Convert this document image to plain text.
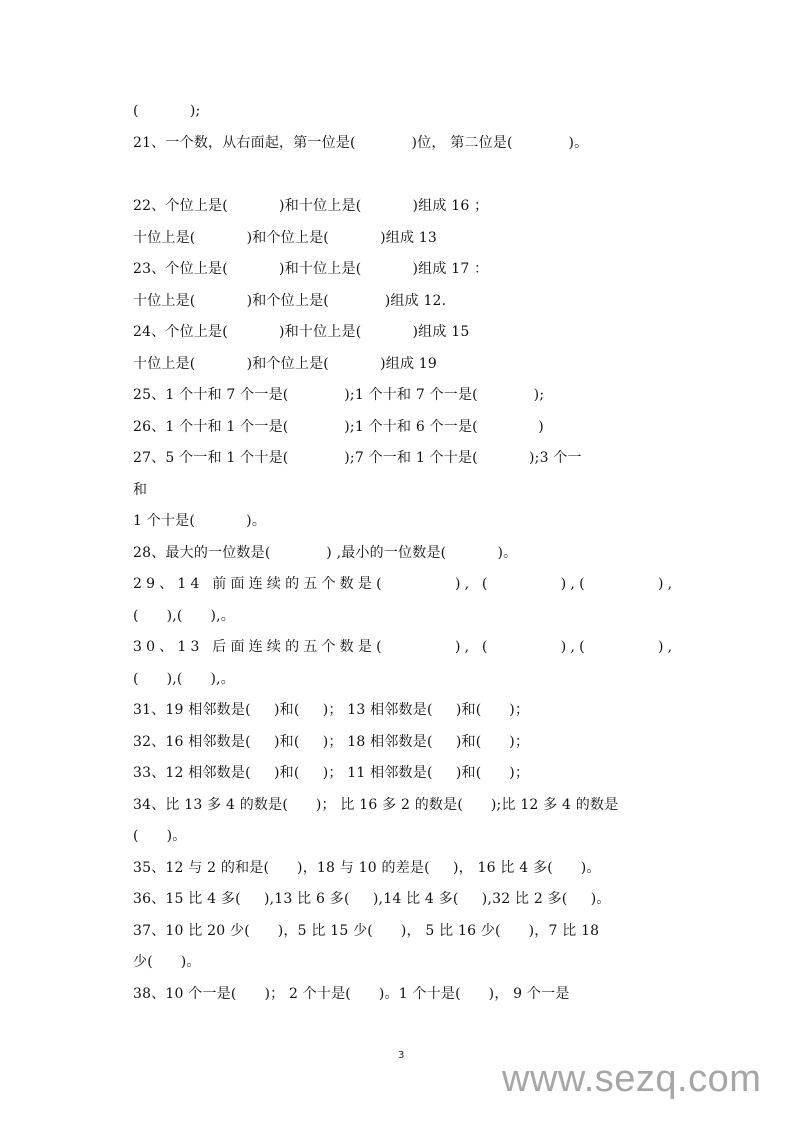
(           );
21、一个数，从右面起，第一位是(            )位， 第二位是(            )。
22、个位上是(           )和十位上是(           )组成 16 ；
十位上是(           )和个位上是(           )组成 13
23、个位上是(           )和十位上是(           )组成 17 ：
十位上是(           )和个位上是(            )组成 12.
24、个位上是(           )和十位上是(           )组成 15
十位上是(           )和个位上是(           )组成 19
25、1 个十和 7 个一是(            );1 个十和 7 个一是(            );
26、1 个十和 1 个一是(            );1 个十和 6 个一是(             )
27、5 个一和 1 个十是(            );7 个一和 1 个十是(           );3 个一
和
1 个十是(           )。
28、最大的一位数是(            ) ,最小的一位数是(           )。
29、14 前面连续的五个数是(        ), (        ),(        ),
(      ),(      ),。
30、13 后面连续的五个数是(        ), (        ),(        ),
(      ),(      ),。
31、19 相邻数是(     )和(     )； 13 相邻数是(     )和(      )；
32、16 相邻数是(     )和(     )； 18 相邻数是(     )和(      )；
33、12 相邻数是(     )和(     )； 11 相邻数是(     )和(      )；
34、比 13 多 4 的数是(      )； 比 16 多 2 的数是(      );比 12 多 4 的数是
(      )。
35、12 与 2 的和是(      )，18 与 10 的差是(     )， 16 比 4 多(      )。
36、15 比 4 多(     ),13 比 6 多(     ),14 比 4 多(     ),32 比 2 多(     )。
37、10 比 20 少(      )，5 比 15 少(      )， 5 比 16 少(      )，7 比 18
少(      )。
38、10 个一是(      )； 2 个十是(      )。1 个十是(      )， 9 个一是
3
www.sezq.com
